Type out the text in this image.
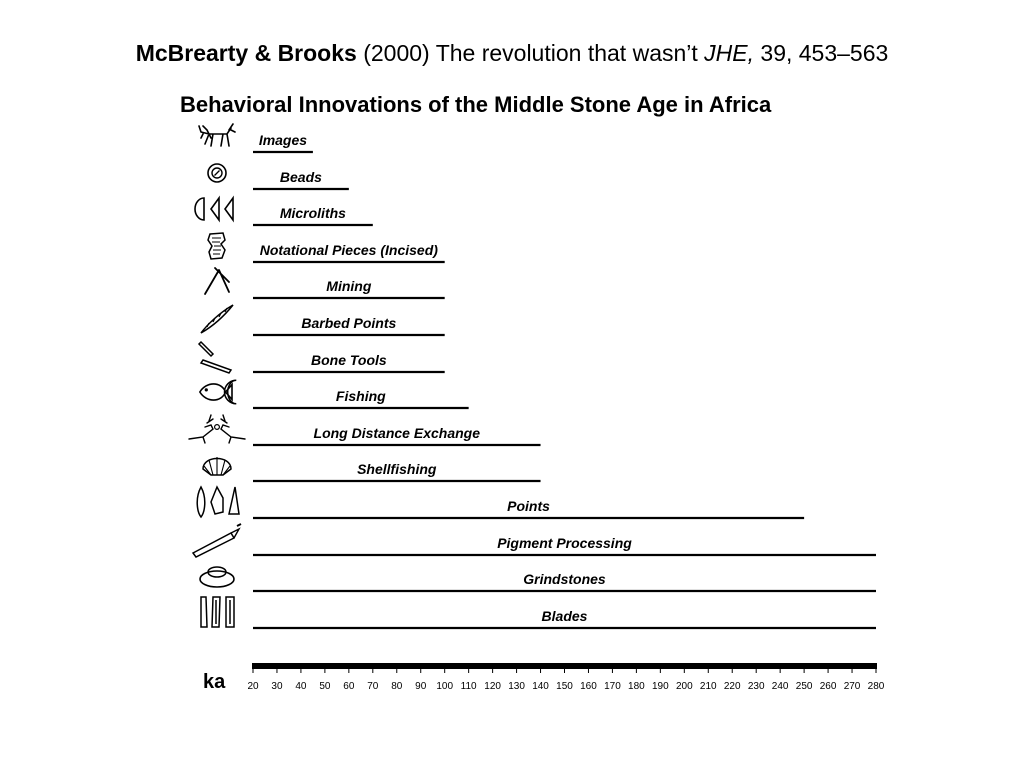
McBrearty & Brooks (2000) The revolution that wasn’t JHE, 39, 453–563
Behavioral Innovations of the Middle Stone Age in Africa
Images
Beads
Microliths
Notational Pieces (Incised)
Mining
Barbed Points
Bone Tools
Fishing
Long Distance Exchange
Shellfishing
Points
Pigment Processing
Grindstones
Blades
20 30 40 50 60 70 80 90 100 110 120 130 140 150 160 170 180 190 200 210 220 230 240 250 260 270 280
ka
